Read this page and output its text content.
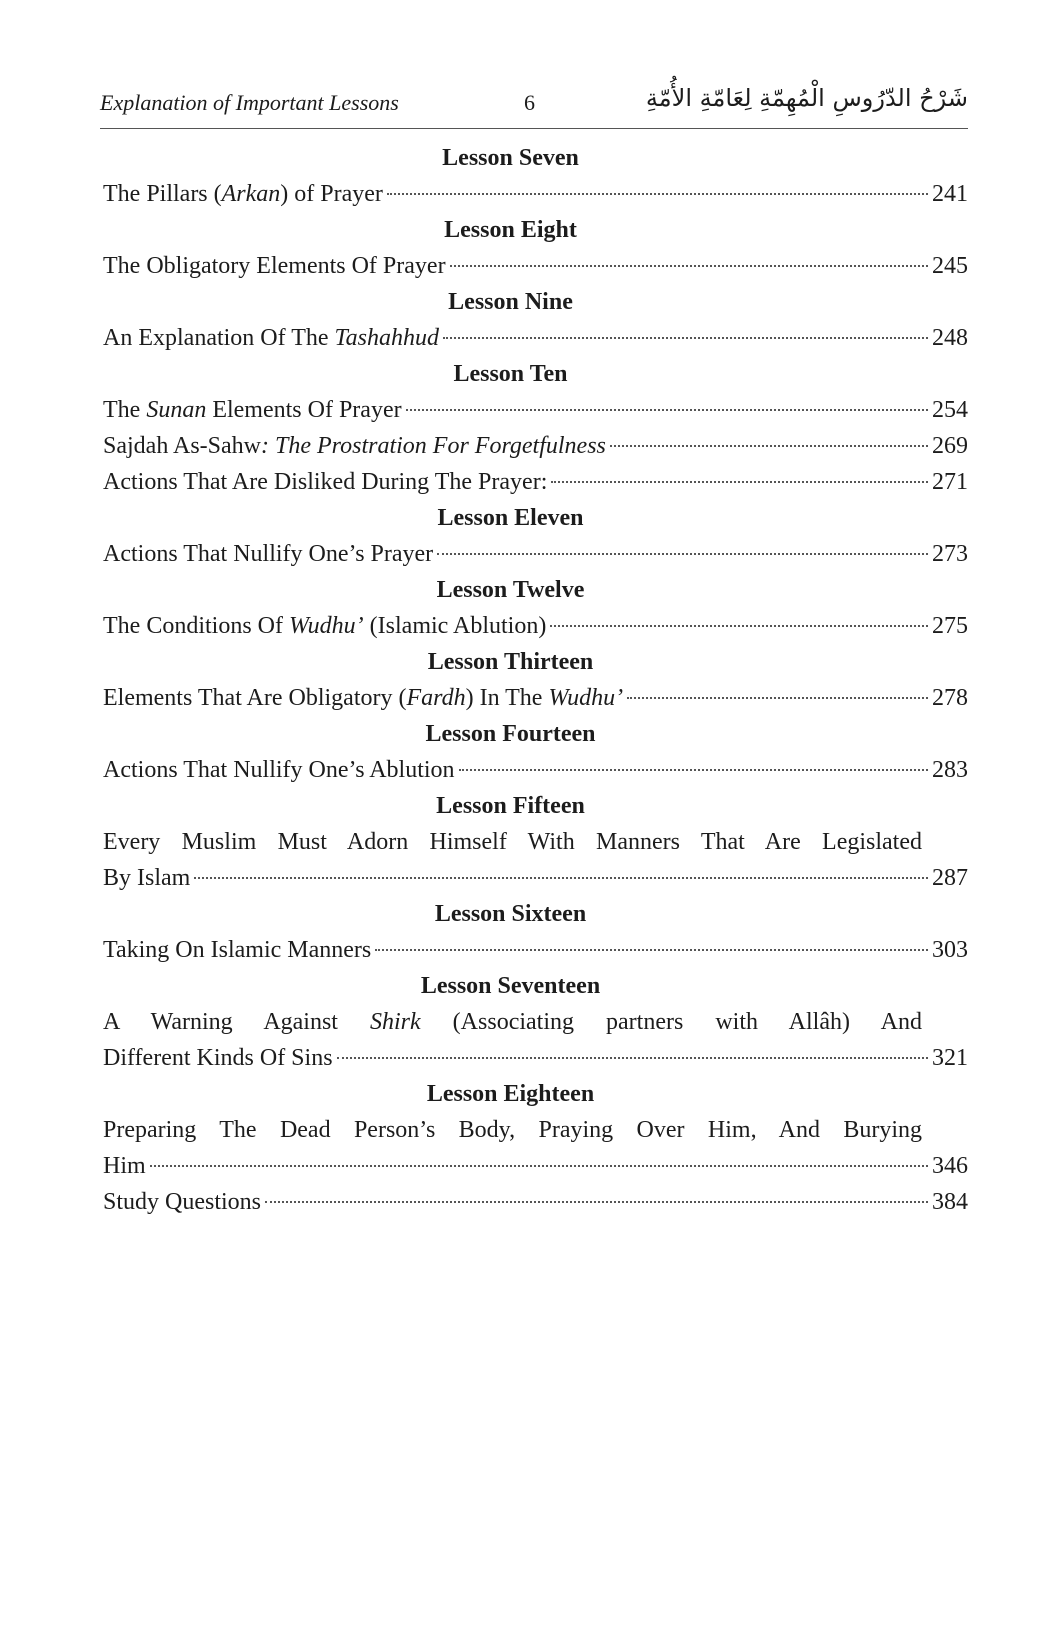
Explanation of Important Lessons	6	شَرْحُ الدّرُوسِ الْمُهِمّةِ لِعَامّةِ الأُمّةِ
Lesson Seven
The Pillars (Arkan) of Prayer	241
Lesson Eight
The Obligatory Elements Of Prayer	245
Lesson Nine
An Explanation Of The Tashahhud	248
Lesson Ten
The Sunan Elements Of Prayer	254
Sajdah As-Sahw: The Prostration For Forgetfulness	269
Actions That Are Disliked During The Prayer:	271
Lesson Eleven
Actions That Nullify One’s Prayer	273
Lesson Twelve
The Conditions Of Wudhu’ (Islamic Ablution)	275
Lesson Thirteen
Elements That Are Obligatory (Fardh) In The Wudhu’	278
Lesson Fourteen
Actions That Nullify One’s Ablution	283
Lesson Fifteen
Every Muslim Must Adorn Himself With Manners That Are Legislated
By Islam	287
Lesson Sixteen
Taking On Islamic Manners	303
Lesson Seventeen
A Warning Against Shirk (Associating partners with Allâh) And
Different Kinds Of Sins	321
Lesson Eighteen
Preparing The Dead Person’s Body, Praying Over Him, And Burying
Him	346
Study Questions	384
